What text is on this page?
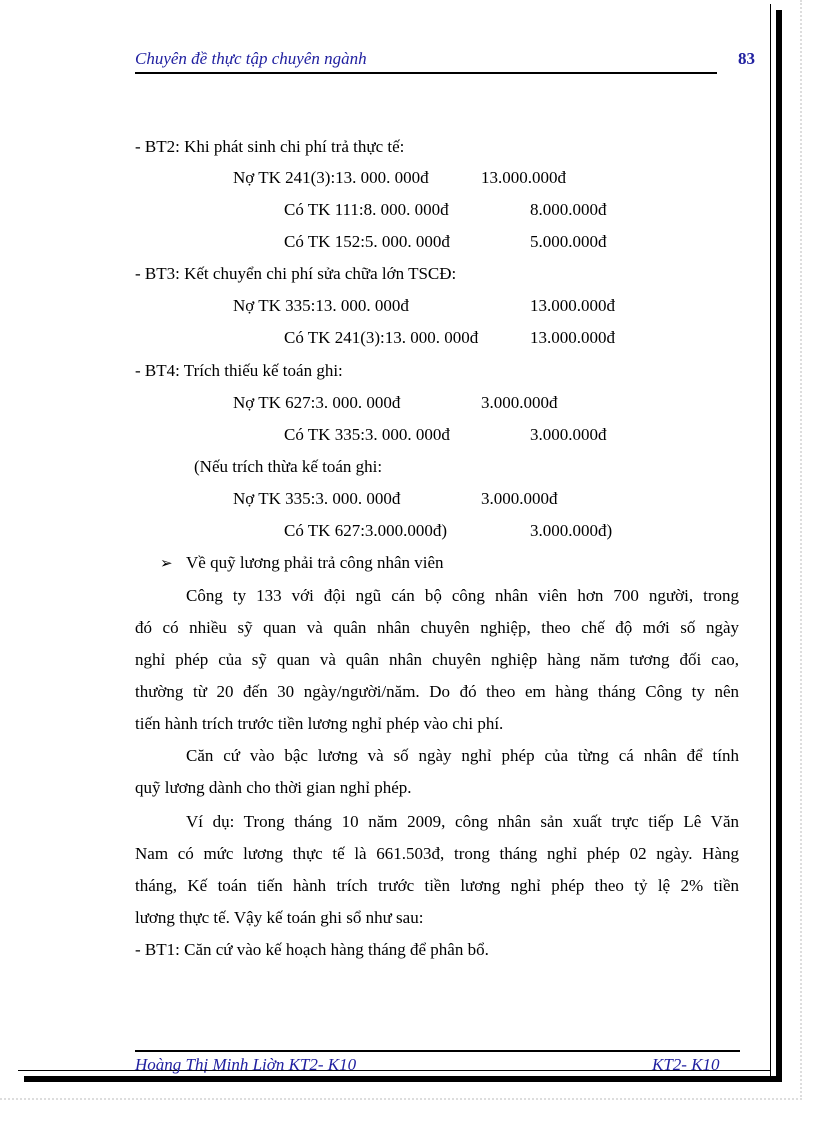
Chuyên đề thực tập chuyên ngành	83
- BT2: Khi phát sinh chi phí trả thực tế:
Nợ TK 241(3):13. 000. 000đ	13.000.000đ
Có TK 111:8. 000. 000đ	8.000.000đ
Có TK 152:5. 000. 000đ	5.000.000đ
- BT3: Kết chuyển chi phí sửa chữa lớn TSCĐ:
Nợ TK 335:13. 000. 000đ	13.000.000đ
Có TK 241(3):13. 000. 000đ	13.000.000đ
- BT4: Trích thiếu kế toán ghi:
Nợ TK 627:3. 000. 000đ	3.000.000đ
Có TK 335:3. 000. 000đ	3.000.000đ
(Nếu trích thừa kế toán ghi:
Nợ TK 335:3. 000. 000đ	3.000.000đ
Có TK 627:3.000.000đ)	3.000.000đ)
➢ Về quỹ lương phải trả công nhân viên
Công ty 133 với đội ngũ cán bộ công nhân viên hơn 700 người, trong
đó có nhiều sỹ quan và quân nhân chuyên nghiệp, theo chế độ mới số ngày
nghỉ phép của sỹ quan và quân nhân chuyên nghiệp hàng năm tương đối cao,
thường từ 20 đến 30 ngày/người/năm. Do đó theo em hàng tháng Công ty nên
tiến hành trích trước tiền lương nghỉ phép vào chi phí.
Căn cứ vào bậc lương và số ngày nghỉ phép của từng cá nhân để tính
quỹ lương dành cho thời gian nghỉ phép.
Ví dụ: Trong tháng 10 năm 2009, công nhân sản xuất trực tiếp Lê Văn
Nam có mức lương thực tế là 661.503đ, trong tháng nghỉ phép 02 ngày. Hàng
tháng, Kế toán tiến hành trích trước tiền lương nghỉ phép theo tỷ lệ 2% tiền
lương thực tế. Vậy kế toán ghi sổ như sau:
- BT1: Căn cứ vào kế hoạch hàng tháng để phân bổ.
Hoàng Thị Minh Liờn KT2- K10	KT2- K10
